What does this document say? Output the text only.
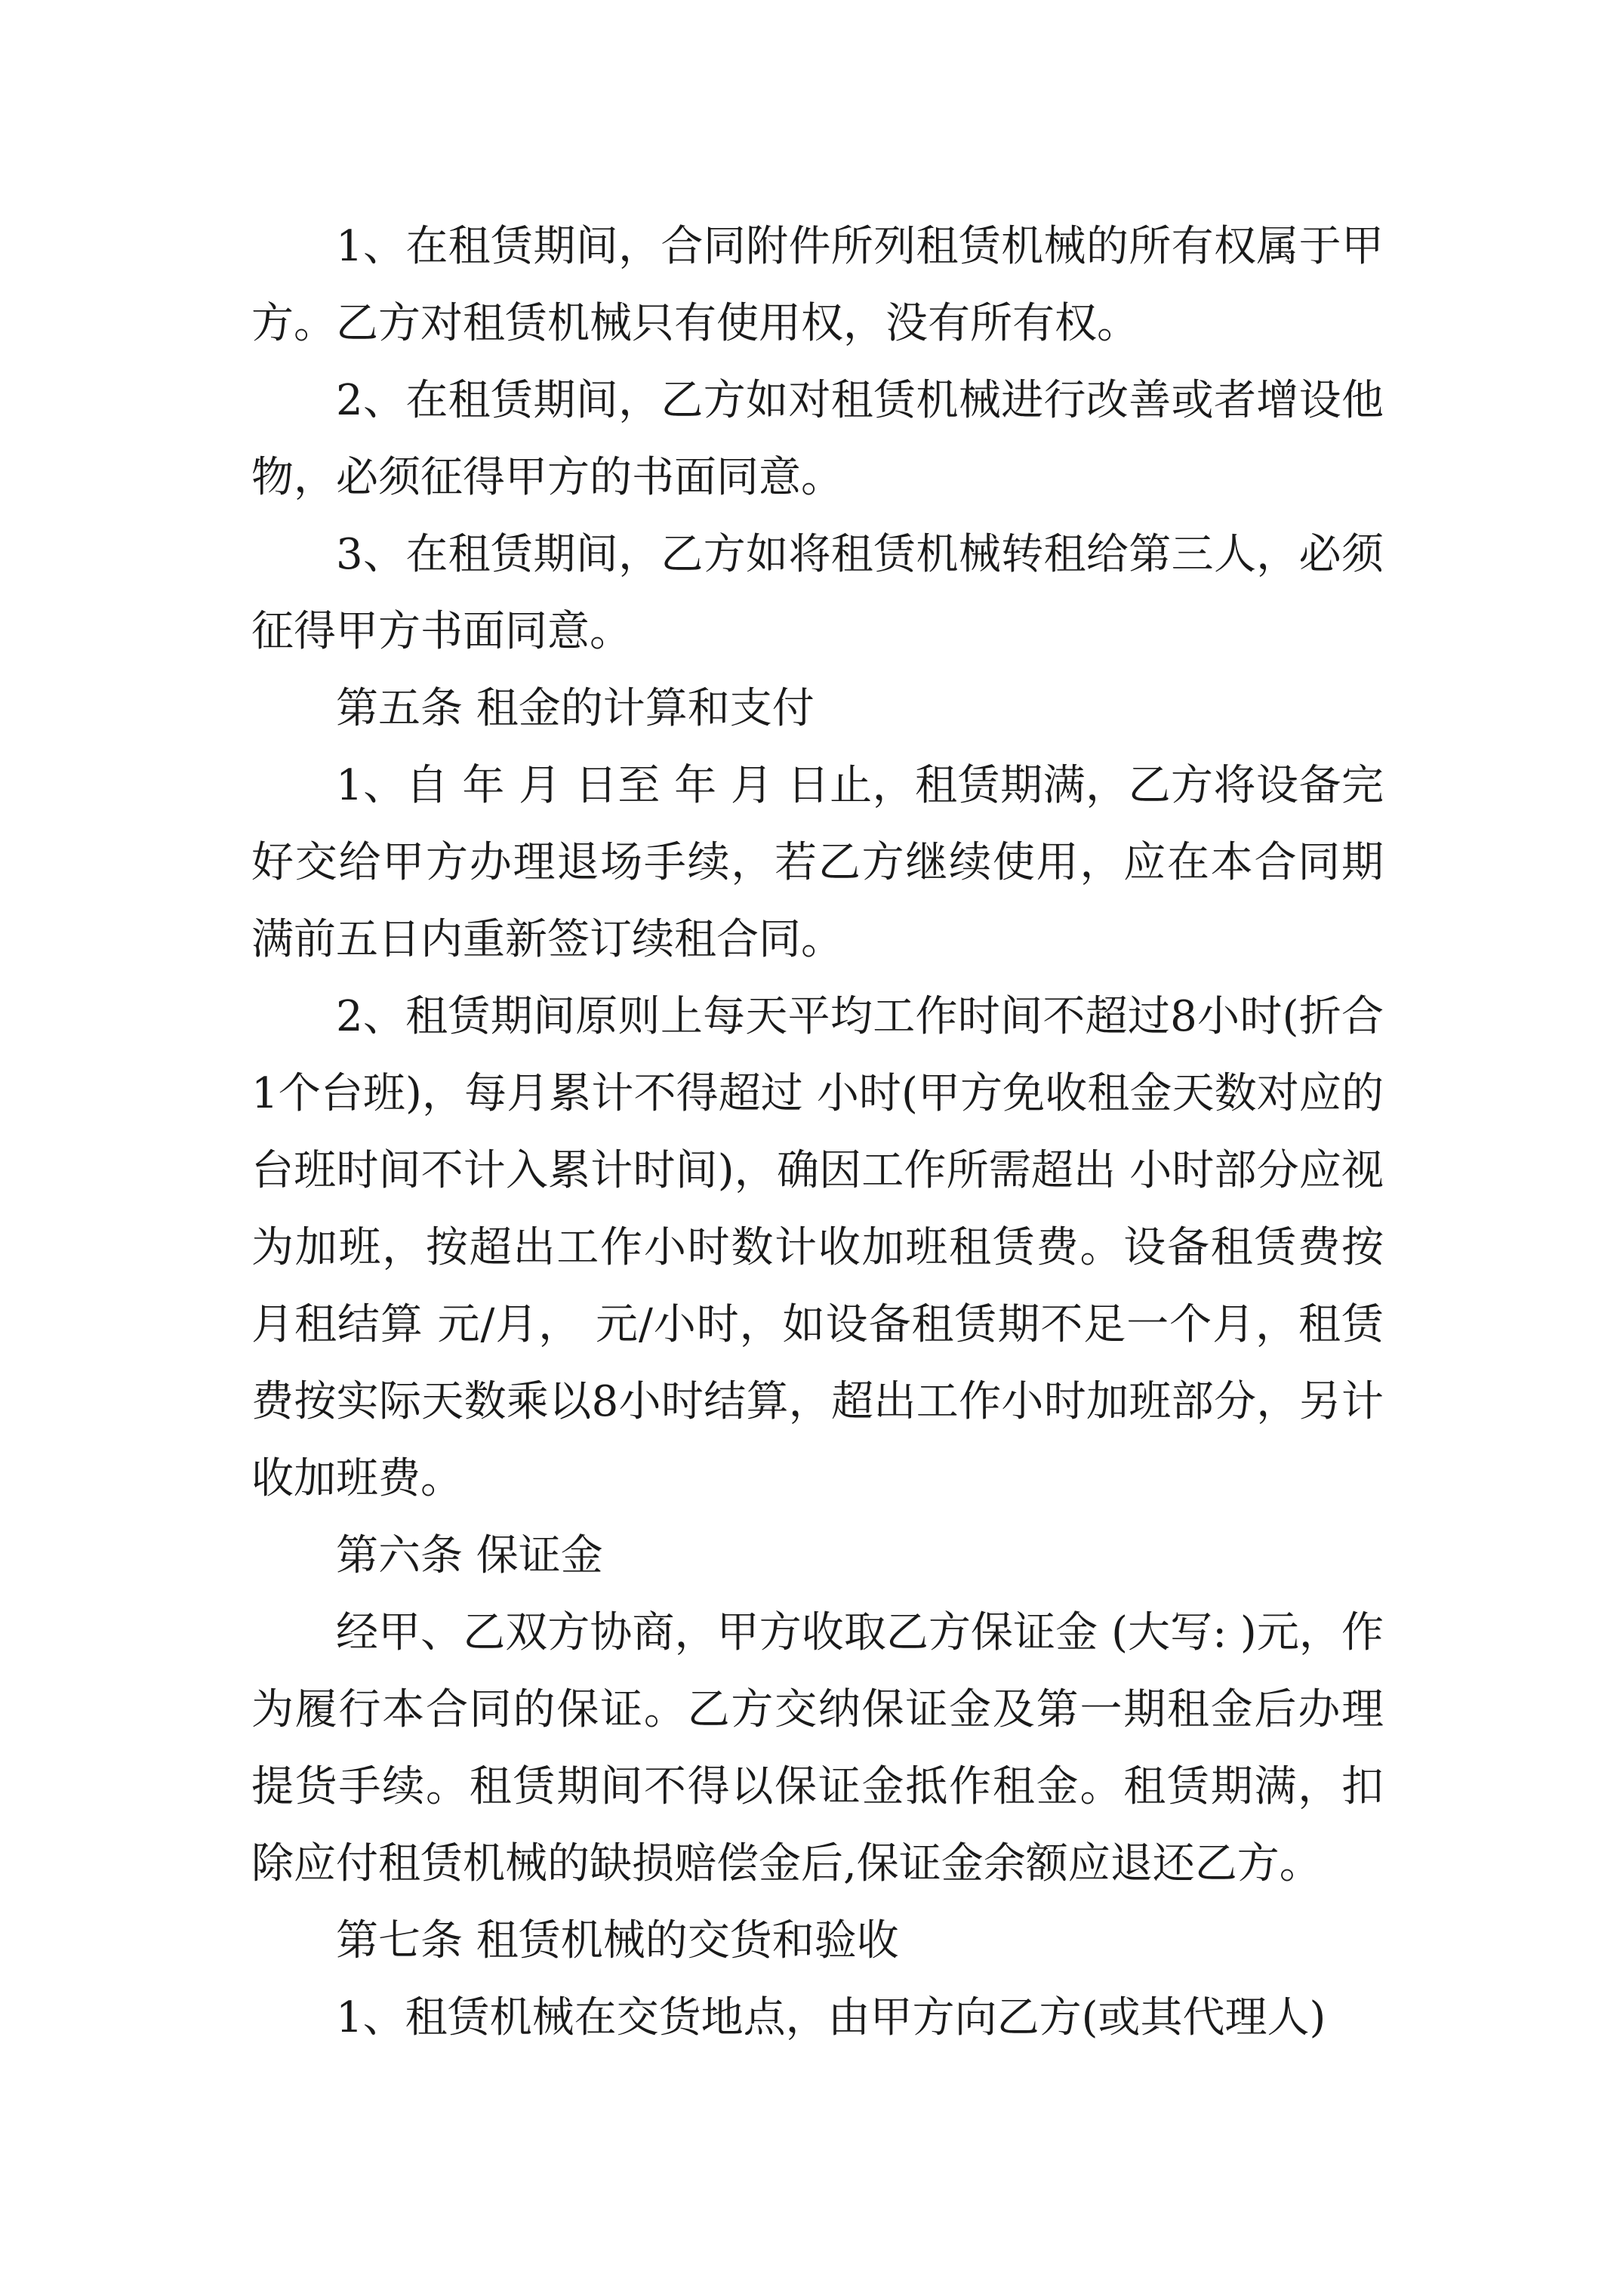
1、在租赁期间，合同附件所列租赁机械的所有权属于甲方。乙方对租赁机械只有使用权，没有所有权。

2、在租赁期间，乙方如对租赁机械进行改善或者增设他物，必须征得甲方的书面同意。

3、在租赁期间，乙方如将租赁机械转租给第三人，必须征得甲方书面同意。

第五条 租金的计算和支付

1、自 年 月 日至 年 月 日止，租赁期满，乙方将设备完好交给甲方办理退场手续，若乙方继续使用，应在本合同期满前五日内重新签订续租合同。

2、租赁期间原则上每天平均工作时间不超过8小时(折合1个台班)，每月累计不得超过 小时(甲方免收租金天数对应的台班时间不计入累计时间)，确因工作所需超出 小时部分应视为加班，按超出工作小时数计收加班租赁费。设备租赁费按月租结算 元/月， 元/小时，如设备租赁期不足一个月，租赁费按实际天数乘以8小时结算，超出工作小时加班部分，另计收加班费。

第六条 保证金

经甲、乙双方协商，甲方收取乙方保证金 (大写: )元，作为履行本合同的保证。乙方交纳保证金及第一期租金后办理提货手续。租赁期间不得以保证金抵作租金。租赁期满，扣除应付租赁机械的缺损赔偿金后,保证金余额应退还乙方。

第七条 租赁机械的交货和验收

1、租赁机械在交货地点，由甲方向乙方(或其代理人)
